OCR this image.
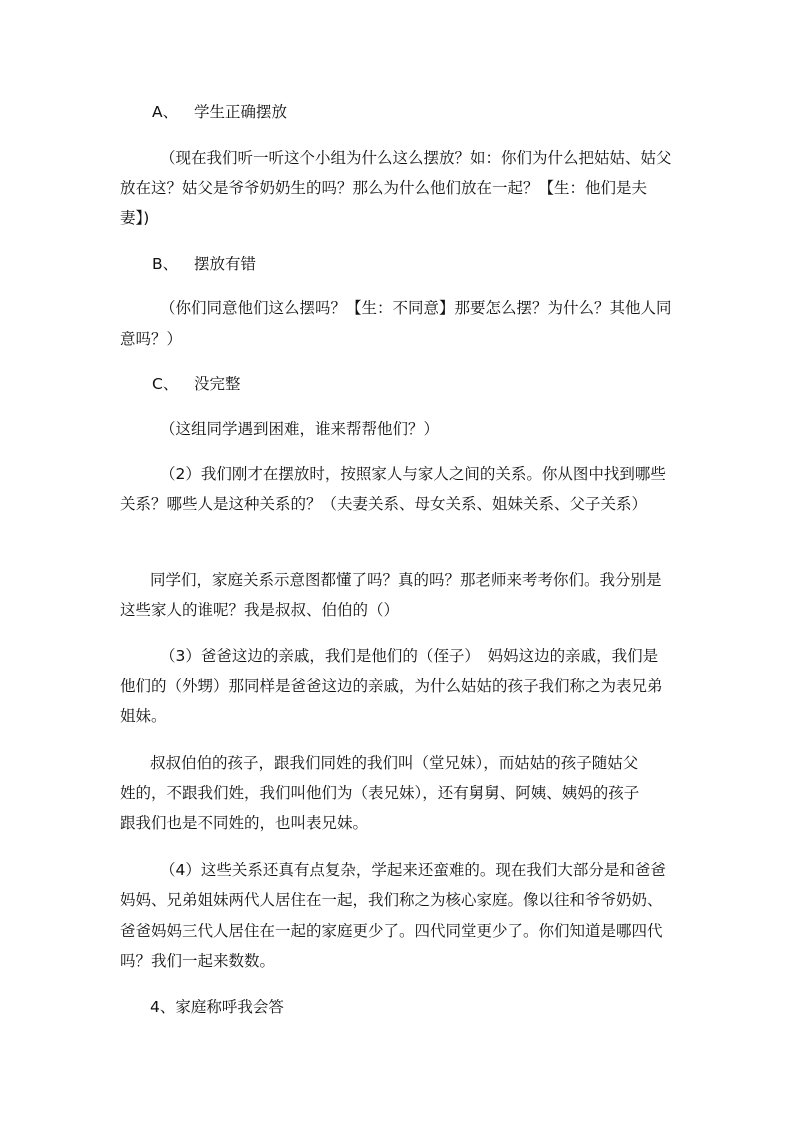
A、 学生正确摆放
（现在我们听一听这个小组为什么这么摆放？如：你们为什么把姑姑、姑父
放在这？姑父是爷爷奶奶生的吗？那么为什么他们放在一起？【生：他们是夫
妻】)
B、 摆放有错
（你们同意他们这么摆吗？【生：不同意】那要怎么摆？为什么？其他人同
意吗？）
C、 没完整
（这组同学遇到困难，谁来帮帮他们？）
（2）我们刚才在摆放时，按照家人与家人之间的关系。你从图中找到哪些
关系？哪些人是这种关系的？（夫妻关系、母女关系、姐妹关系、父子关系）
同学们，家庭关系示意图都懂了吗？真的吗？那老师来考考你们。我分别是
这些家人的谁呢？我是叔叔、伯伯的（）
（3）爸爸这边的亲戚，我们是他们的（侄子）　妈妈这边的亲戚，我们是
他们的（外甥）那同样是爸爸这边的亲戚，为什么姑姑的孩子我们称之为表兄弟
姐妹。
叔叔伯伯的孩子，跟我们同姓的我们叫（堂兄妹），而姑姑的孩子随姑父
姓的，不跟我们姓，我们叫他们为（表兄妹），还有舅舅、阿姨、姨妈的孩子
跟我们也是不同姓的，也叫表兄妹。
（4）这些关系还真有点复杂，学起来还蛮难的。现在我们大部分是和爸爸
妈妈、兄弟姐妹两代人居住在一起，我们称之为核心家庭。像以往和爷爷奶奶、
爸爸妈妈三代人居住在一起的家庭更少了。四代同堂更少了。你们知道是哪四代
吗？我们一起来数数。
4、家庭称呼我会答
